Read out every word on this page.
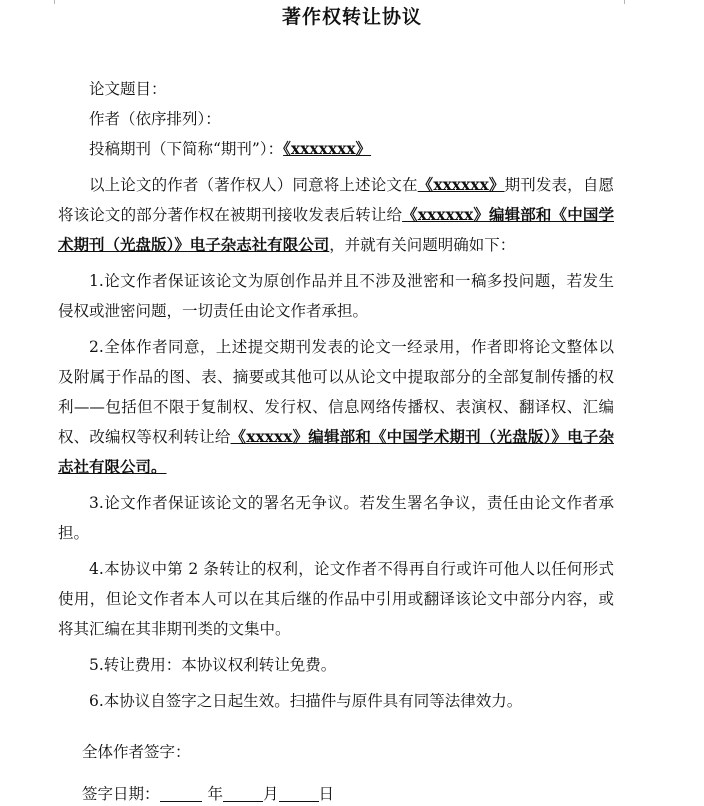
著作权转让协议
论文题目：
作者（依序排列）：
投稿期刊（下简称“期刊”）：《xxxxxxx》

以上论文的作者（著作权人）同意将上述论文在《xxxxxx》期刊发表，自愿将该论文的部分著作权在被期刊接收发表后转让给《xxxxxx》编辑部和《中国学术期刊（光盘版）》电子杂志社有限公司，并就有关问题明确如下：

1.论文作者保证该论文为原创作品并且不涉及泄密和一稿多投问题，若发生侵权或泄密问题，一切责任由论文作者承担。

2.全体作者同意，上述提交期刊发表的论文一经录用，作者即将论文整体以及附属于作品的图、表、摘要或其他可以从论文中提取部分的全部复制传播的权利——包括但不限于复制权、发行权、信息网络传播权、表演权、翻译权、汇编权、改编权等权利转让给《xxxxx》编辑部和《中国学术期刊（光盘版）》电子杂志社有限公司。

3.论文作者保证该论文的署名无争议。若发生署名争议，责任由论文作者承担。

4.本协议中第 2 条转让的权利，论文作者不得再自行或许可他人以任何形式使用，但论文作者本人可以在其后继的作品中引用或翻译该论文中部分内容，或将其汇编在其非期刊类的文集中。

5.转让费用：本协议权利转让免费。

6.本协议自签字之日起生效。扫描件与原件具有同等法律效力。

全体作者签字：
签字日期：	年	月	日
